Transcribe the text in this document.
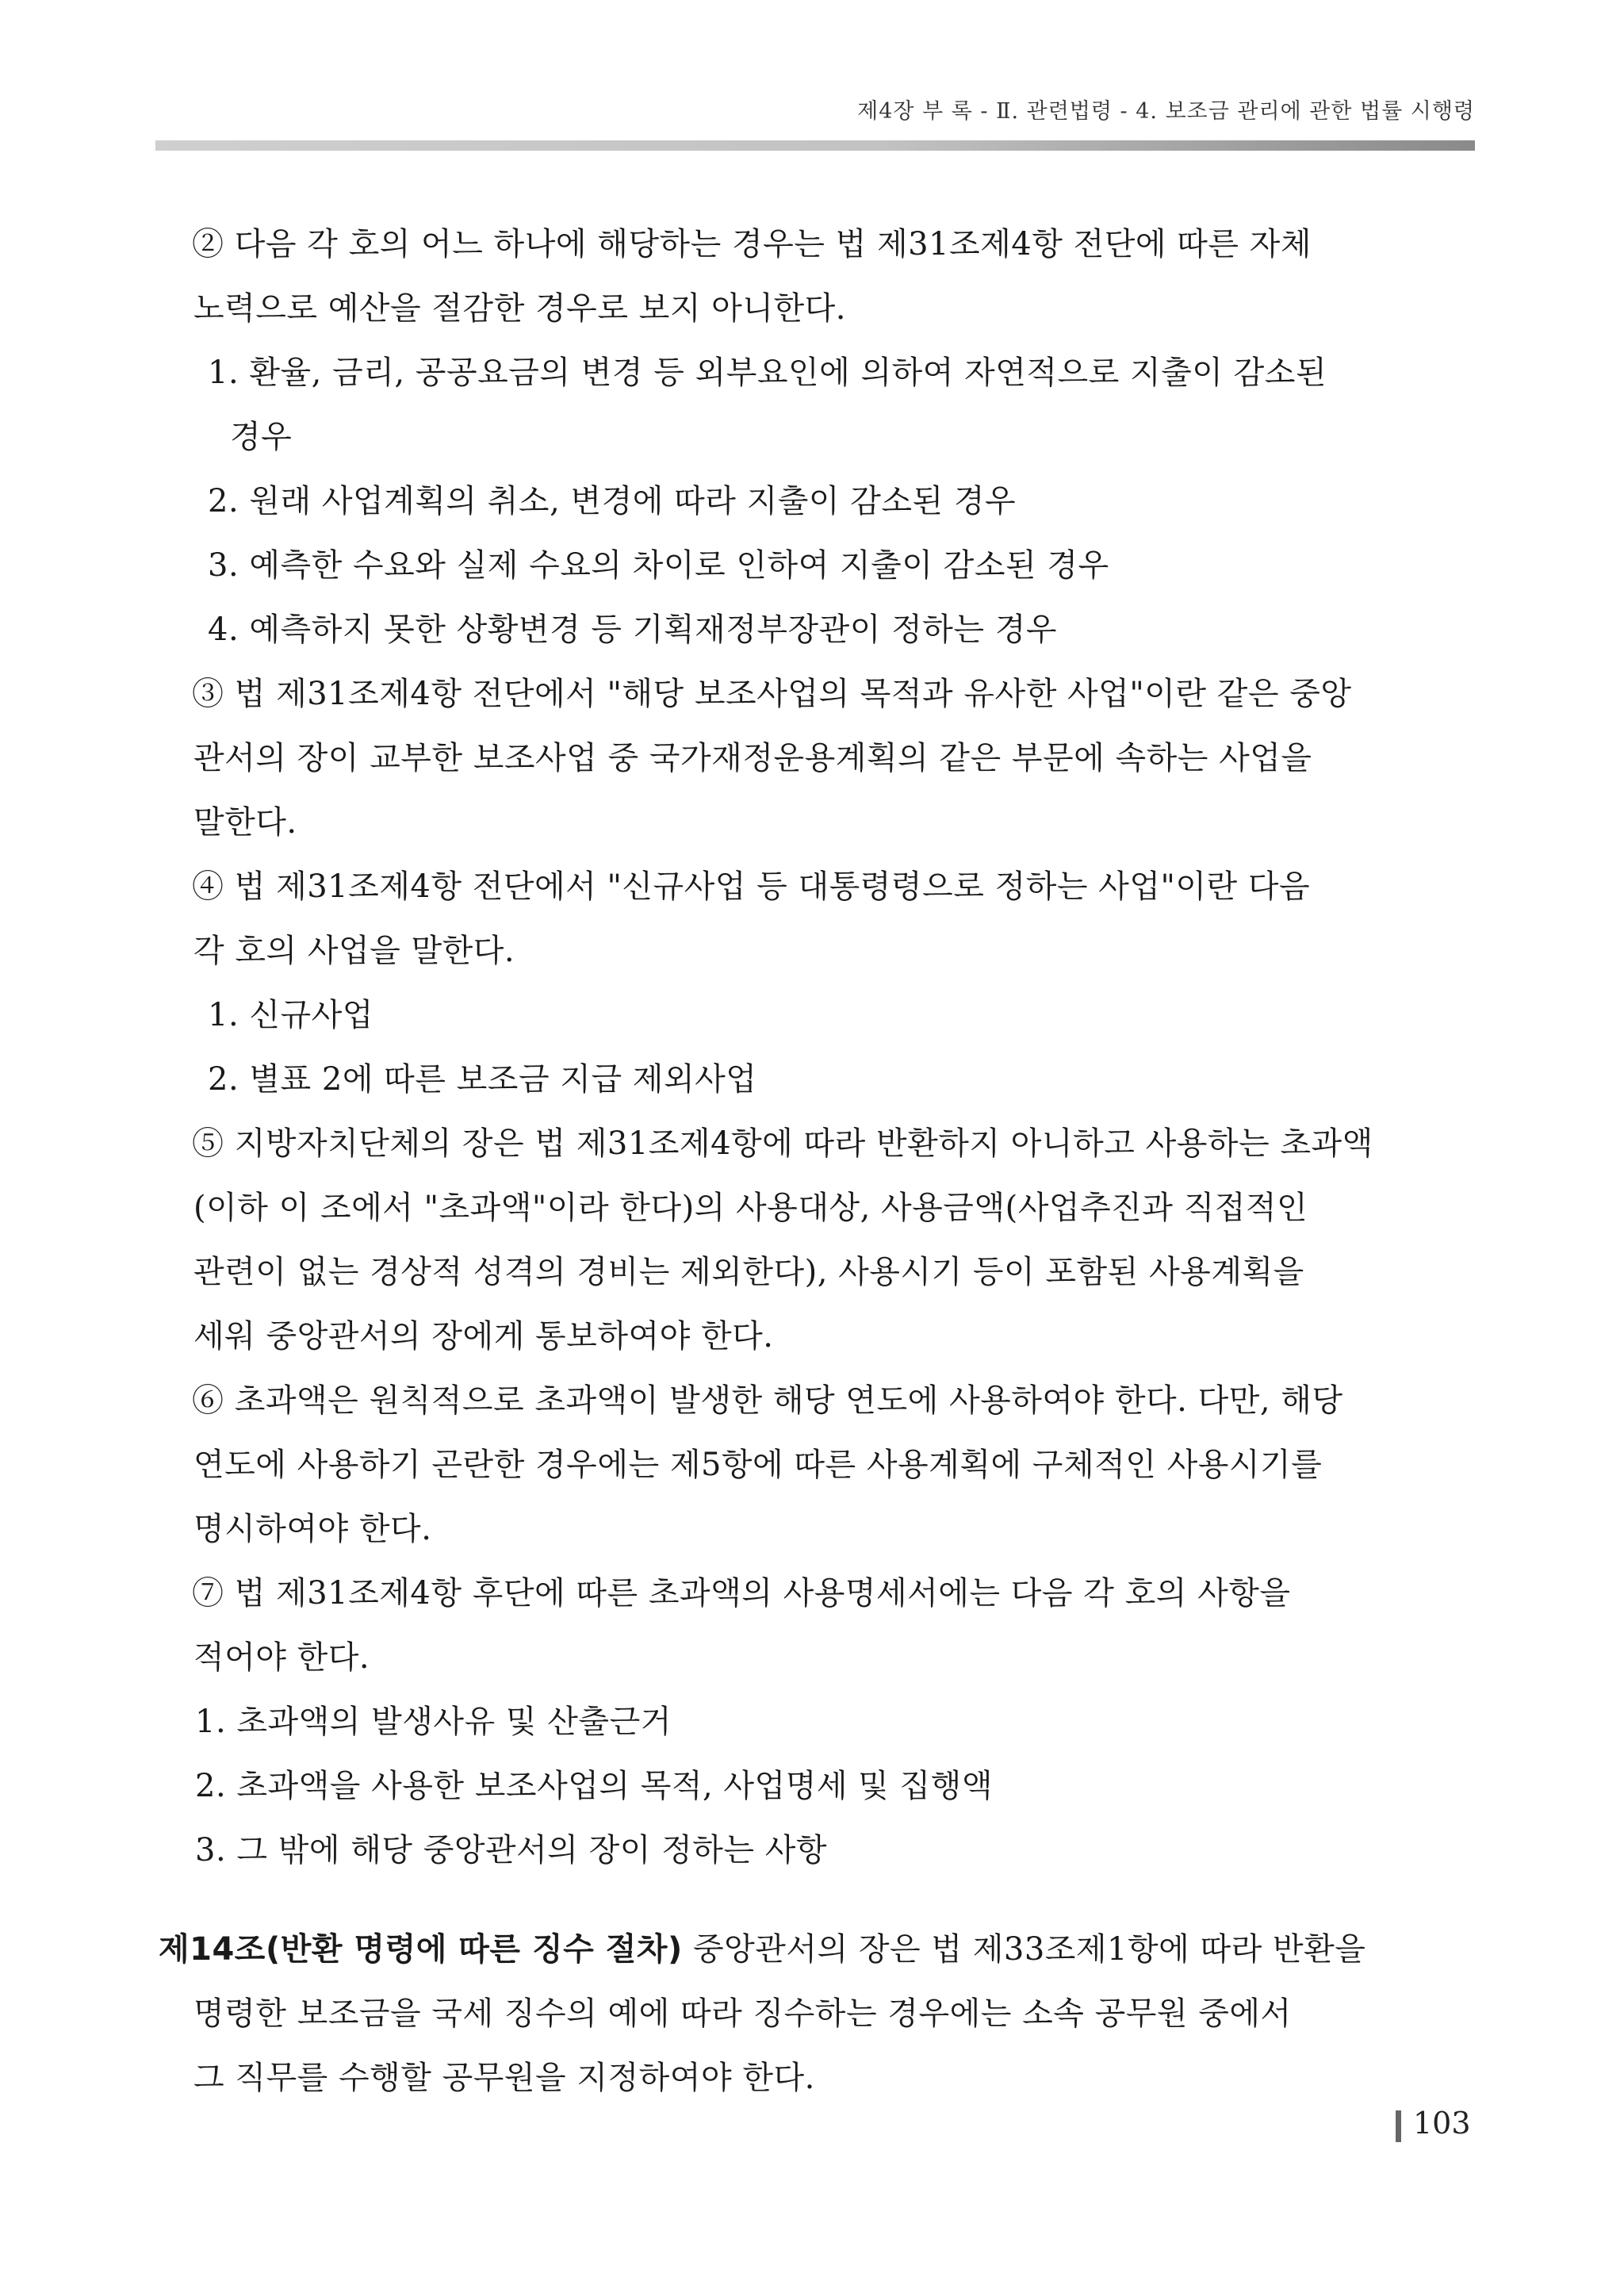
제4장 부 록 - Ⅱ. 관련법령 - 4. 보조금 관리에 관한 법률 시행령
② 다음 각 호의 어느 하나에 해당하는 경우는 법 제31조제4항 전단에 따른 자체
노력으로 예산을 절감한 경우로 보지 아니한다.
1. 환율, 금리, 공공요금의 변경 등 외부요인에 의하여 자연적으로 지출이 감소된
경우
2. 원래 사업계획의 취소, 변경에 따라 지출이 감소된 경우
3. 예측한 수요와 실제 수요의 차이로 인하여 지출이 감소된 경우
4. 예측하지 못한 상황변경 등 기획재정부장관이 정하는 경우
③ 법 제31조제4항 전단에서 "해당 보조사업의 목적과 유사한 사업"이란 같은 중앙
관서의 장이 교부한 보조사업 중 국가재정운용계획의 같은 부문에 속하는 사업을
말한다.
④ 법 제31조제4항 전단에서 "신규사업 등 대통령령으로 정하는 사업"이란 다음
각 호의 사업을 말한다.
1. 신규사업
2. 별표 2에 따른 보조금 지급 제외사업
⑤ 지방자치단체의 장은 법 제31조제4항에 따라 반환하지 아니하고 사용하는 초과액
(이하 이 조에서 "초과액"이라 한다)의 사용대상, 사용금액(사업추진과 직접적인
관련이 없는 경상적 성격의 경비는 제외한다), 사용시기 등이 포함된 사용계획을
세워 중앙관서의 장에게 통보하여야 한다.
⑥ 초과액은 원칙적으로 초과액이 발생한 해당 연도에 사용하여야 한다. 다만, 해당
연도에 사용하기 곤란한 경우에는 제5항에 따른 사용계획에 구체적인 사용시기를
명시하여야 한다.
⑦ 법 제31조제4항 후단에 따른 초과액의 사용명세서에는 다음 각 호의 사항을
적어야 한다.
1. 초과액의 발생사유 및 산출근거
2. 초과액을 사용한 보조사업의 목적, 사업명세 및 집행액
3. 그 밖에 해당 중앙관서의 장이 정하는 사항
제14조(반환 명령에 따른 징수 절차) 중앙관서의 장은 법 제33조제1항에 따라 반환을
명령한 보조금을 국세 징수의 예에 따라 징수하는 경우에는 소속 공무원 중에서
그 직무를 수행할 공무원을 지정하여야 한다.
103
